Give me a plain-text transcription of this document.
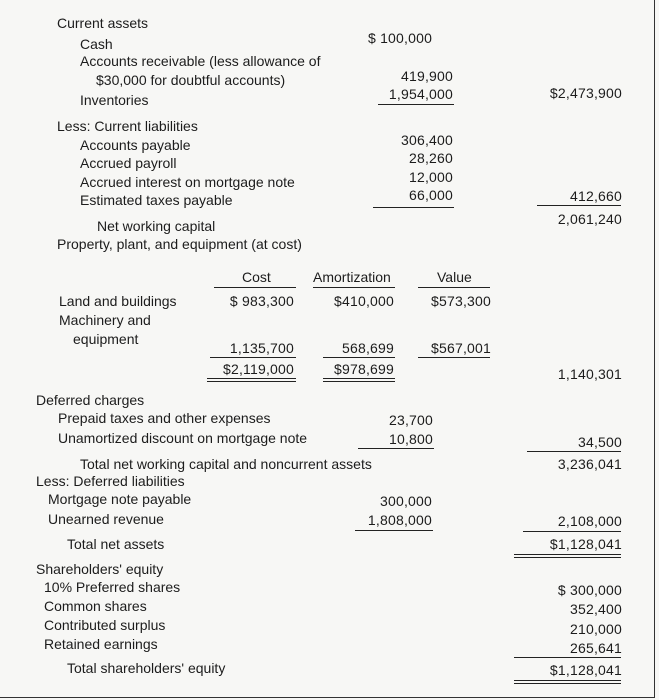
Current assets
Cash	$ 100,000
Accounts receivable (less allowance of
$30,000 for doubtful accounts)	419,900
Inventories	1,954,000	$2,473,900
Less: Current liabilities
Accounts payable	306,400
Accrued payroll	28,260
Accrued interest on mortgage note	12,000
Estimated taxes payable	66,000	412,660
Net working capital	2,061,240
Property, plant, and equipment (at cost)
Cost	Amortization	Value
Land and buildings	$ 983,300	$410,000	$573,300
Machinery and
equipment
1,135,700	568,699	$567,001
$2,119,000	$978,699	1,140,301
Deferred charges
Prepaid taxes and other expenses	23,700
Unamortized discount on mortgage note	10,800	34,500
Total net working capital and noncurrent assets	3,236,041
Less: Deferred liabilities
Mortgage note payable	300,000
Unearned revenue	1,808,000	2,108,000
Total net assets	$1,128,041
Shareholders' equity
10% Preferred shares	$ 300,000
Common shares	352,400
Contributed surplus	210,000
Retained earnings	265,641
Total shareholders' equity	$1,128,041
